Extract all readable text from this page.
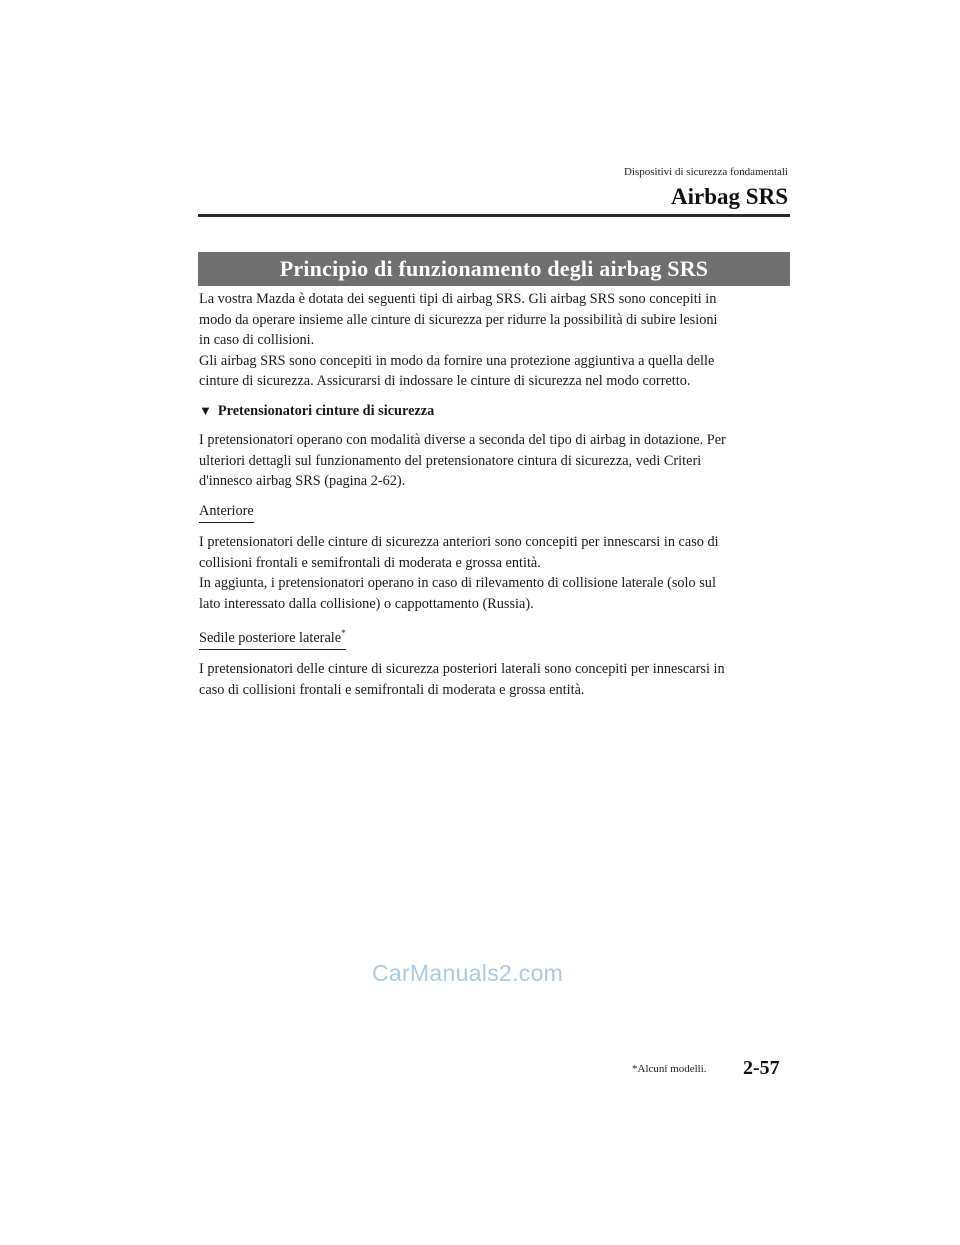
Dispositivi di sicurezza fondamentali
Airbag SRS
Principio di funzionamento degli airbag SRS

La vostra Mazda è dotata dei seguenti tipi di airbag SRS. Gli airbag SRS sono concepiti in

modo da operare insieme alle cinture di sicurezza per ridurre la possibilità di subire lesioni

in caso di collisioni.

Gli airbag SRS sono concepiti in modo da fornire una protezione aggiuntiva a quella delle

cinture di sicurezza. Assicurarsi di indossare le cinture di sicurezza nel modo corretto.

▼ Pretensionatori cinture di sicurezza

I pretensionatori operano con modalità diverse a seconda del tipo di airbag in dotazione. Per

ulteriori dettagli sul funzionamento del pretensionatore cintura di sicurezza, vedi Criteri

d'innesco airbag SRS (pagina 2-62).

Anteriore

I pretensionatori delle cinture di sicurezza anteriori sono concepiti per innescarsi in caso di

collisioni frontali e semifrontali di moderata e grossa entità.

In aggiunta, i pretensionatori operano in caso di rilevamento di collisione laterale (solo sul

lato interessato dalla collisione) o cappottamento (Russia).

Sedile posteriore laterale*

I pretensionatori delle cinture di sicurezza posteriori laterali sono concepiti per innescarsi in

caso di collisioni frontali e semifrontali di moderata e grossa entità.

CarManuals2.com
*Alcuni modelli. 2-57
